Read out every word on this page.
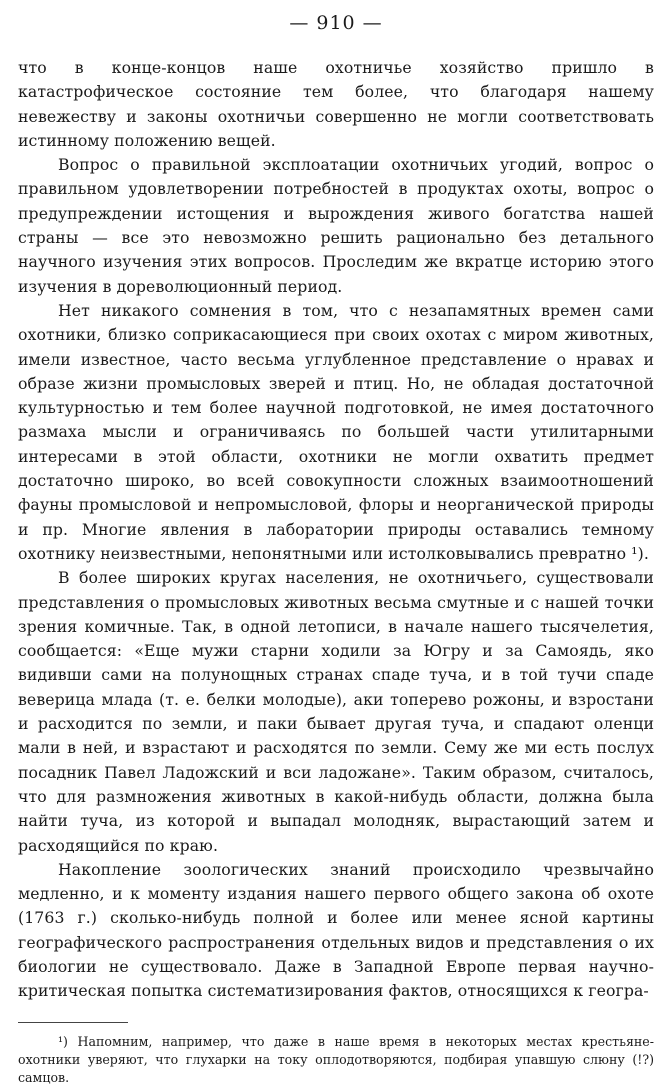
— 910 —

что в конце-концов наше охотничье хозяйство пришло в катастрофическое состояние тем более, что благодаря нашему невежеству и законы охотничьи совершенно не могли соответствовать истинному положению вещей.

Вопрос о правильной эксплоатации охотничьих угодий, вопрос о правильном удовлетворении потребностей в продуктах охоты, вопрос о предупреждении истощения и вырождения живого богатства нашей страны — все это невозможно решить рационально без детального научного изучения этих вопросов. Проследим же вкратце историю этого изучения в дореволюционный период.

Нет никакого сомнения в том, что с незапамятных времен сами охотники, близко соприкасающиеся при своих охотах с миром животных, имели известное, часто весьма углубленное представление о нравах и образе жизни промысловых зверей и птиц. Но, не обладая достаточной культурностью и тем более научной подготовкой, не имея достаточного размаха мысли и ограничиваясь по большей части утилитарными интересами в этой области, охотники не могли охватить предмет достаточно широко, во всей совокупности сложных взаимоотношений фауны промысловой и непромысловой, флоры и неорганической природы и пр. Многие явления в лаборатории природы оставались темному охотнику неизвестными, непонятными или истолковывались превратно ¹).

В более широких кругах населения, не охотничьего, существовали представления о промысловых животных весьма смутные и с нашей точки зрения комичные. Так, в одной летописи, в начале нашего тысячелетия, сообщается: «Еще мужи старни ходили за Югру и за Самоядь, яко видивши сами на полунощных странах спаде туча, и в той тучи спаде веверица млада (т. е. белки молодые), аки топерево рожоны, и взростани и расходится по земли, и паки бывает другая туча, и спадают оленци мали в ней, и взрастают и расходятся по земли. Сему же ми есть послух посадник Павел Ладожский и вси ладожане». Таким образом, считалось, что для размножения животных в какой-нибудь области, должна была найти туча, из которой и выпадал молодняк, вырастающий затем и расходящийся по краю.

Накопление зоологических знаний происходило чрезвычайно медленно, и к моменту издания нашего первого общего закона об охоте (1763 г.) сколько-нибудь полной и более или менее ясной картины географического распространения отдельных видов и представления о их биологии не существовало. Даже в Западной Европе первая научно-критическая попытка систематизирования фактов, относящихся к геогра-

¹) Напомним, например, что даже в наше время в некоторых местах крестьяне-охотники уверяют, что глухарки на току оплодотворяются, подбирая упавшую слюну (!?) самцов.
